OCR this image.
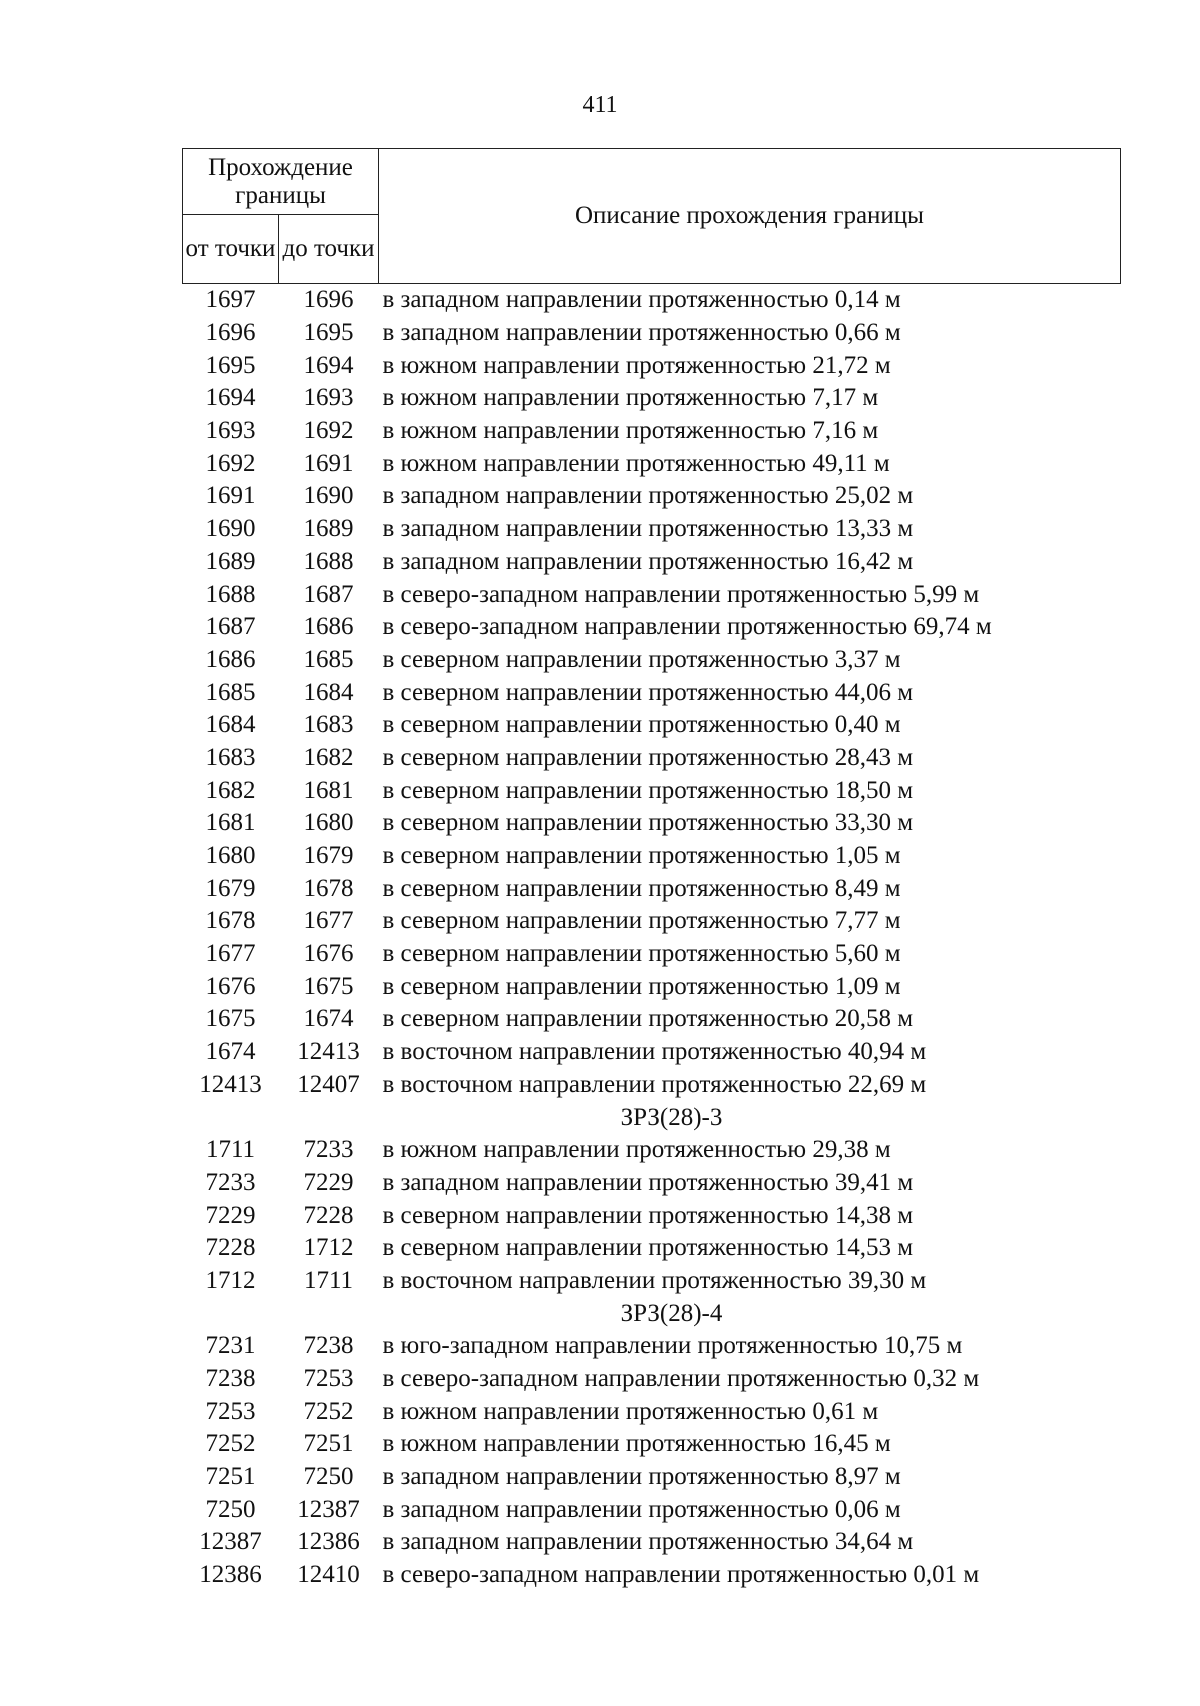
411
Прохождение границы		Описание прохождения границы
от точки	до точки	
1697	1696	в западном направлении протяженностью 0,14 м
1696	1695	в западном направлении протяженностью 0,66 м
1695	1694	в южном направлении протяженностью 21,72 м
1694	1693	в южном направлении протяженностью 7,17 м
1693	1692	в южном направлении протяженностью 7,16 м
1692	1691	в южном направлении протяженностью 49,11 м
1691	1690	в западном направлении протяженностью 25,02 м
1690	1689	в западном направлении протяженностью 13,33 м
1689	1688	в западном направлении протяженностью 16,42 м
1688	1687	в северо-западном направлении протяженностью 5,99 м
1687	1686	в северо-западном направлении протяженностью 69,74 м
1686	1685	в северном направлении протяженностью 3,37 м
1685	1684	в северном направлении протяженностью 44,06 м
1684	1683	в северном направлении протяженностью 0,40 м
1683	1682	в северном направлении протяженностью 28,43 м
1682	1681	в северном направлении протяженностью 18,50 м
1681	1680	в северном направлении протяженностью 33,30 м
1680	1679	в северном направлении протяженностью 1,05 м
1679	1678	в северном направлении протяженностью 8,49 м
1678	1677	в северном направлении протяженностью 7,77 м
1677	1676	в северном направлении протяженностью 5,60 м
1676	1675	в северном направлении протяженностью 1,09 м
1675	1674	в северном направлении протяженностью 20,58 м
1674	12413	в восточном направлении протяженностью 40,94 м
12413	12407	в восточном направлении протяженностью 22,69 м
ЗРЗ(28)-3		
1711	7233	в южном направлении протяженностью 29,38 м
7233	7229	в западном направлении протяженностью 39,41 м
7229	7228	в северном направлении протяженностью 14,38 м
7228	1712	в северном направлении протяженностью 14,53 м
1712	1711	в восточном направлении протяженностью 39,30 м
ЗРЗ(28)-4		
7231	7238	в юго-западном направлении протяженностью 10,75 м
7238	7253	в северо-западном направлении протяженностью 0,32 м
7253	7252	в южном направлении протяженностью 0,61 м
7252	7251	в южном направлении протяженностью 16,45 м
7251	7250	в западном направлении протяженностью 8,97 м
7250	12387	в западном направлении протяженностью 0,06 м
12387	12386	в западном направлении протяженностью 34,64 м
12386	12410	в северо-западном направлении протяженностью 0,01 м
